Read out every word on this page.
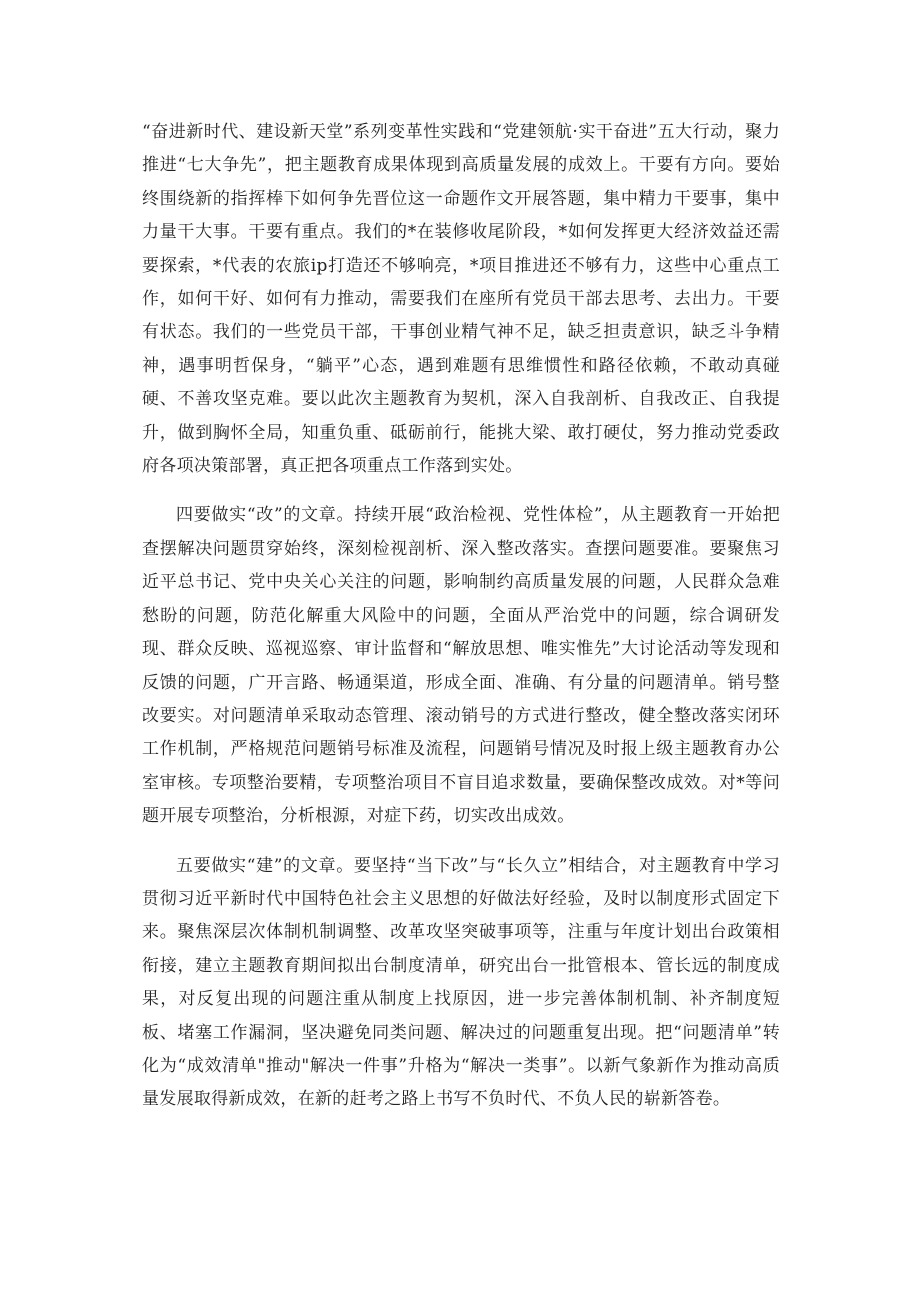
“奋进新时代、建设新天堂”系列变革性实践和“党建领航·实干奋进”五大行动，聚力推进“七大争先”，把主题教育成果体现到高质量发展的成效上。干要有方向。要始终围绕新的指挥棒下如何争先晋位这一命题作文开展答题，集中精力干要事，集中力量干大事。干要有重点。我们的*在装修收尾阶段，*如何发挥更大经济效益还需要探索，*代表的农旅ip打造还不够响亮，*项目推进还不够有力，这些中心重点工作，如何干好、如何有力推动，需要我们在座所有党员干部去思考、去出力。干要有状态。我们的一些党员干部，干事创业精气神不足，缺乏担责意识，缺乏斗争精神，遇事明哲保身，“躺平”心态，遇到难题有思维惯性和路径依赖，不敢动真碰硬、不善攻坚克难。要以此次主题教育为契机，深入自我剖析、自我改正、自我提升，做到胸怀全局，知重负重、砥砺前行，能挑大梁、敢打硬仗，努力推动党委政府各项决策部署，真正把各项重点工作落到实处。

四要做实“改”的文章。持续开展“政治检视、党性体检”，从主题教育一开始把查摆解决问题贯穿始终，深刻检视剖析、深入整改落实。查摆问题要准。要聚焦习近平总书记、党中央关心关注的问题，影响制约高质量发展的问题，人民群众急难愁盼的问题，防范化解重大风险中的问题，全面从严治党中的问题，综合调研发现、群众反映、巡视巡察、审计监督和“解放思想、唯实惟先”大讨论活动等发现和反馈的问题，广开言路、畅通渠道，形成全面、准确、有分量的问题清单。销号整改要实。对问题清单采取动态管理、滚动销号的方式进行整改，健全整改落实闭环工作机制，严格规范问题销号标准及流程，问题销号情况及时报上级主题教育办公室审核。专项整治要精，专项整治项目不盲目追求数量，要确保整改成效。对*等问题开展专项整治，分析根源，对症下药，切实改出成效。

五要做实“建”的文章。要坚持“当下改”与“长久立”相结合，对主题教育中学习贯彻习近平新时代中国特色社会主义思想的好做法好经验，及时以制度形式固定下来。聚焦深层次体制机制调整、改革攻坚突破事项等，注重与年度计划出台政策相衔接，建立主题教育期间拟出台制度清单，研究出台一批管根本、管长远的制度成果，对反复出现的问题注重从制度上找原因，进一步完善体制机制、补齐制度短板、堵塞工作漏洞，坚决避免同类问题、解决过的问题重复出现。把“问题清单”转化为“成效清单"推动"解决一件事”升格为“解决一类事”。以新气象新作为推动高质量发展取得新成效，在新的赶考之路上书写不负时代、不负人民的崭新答卷。
